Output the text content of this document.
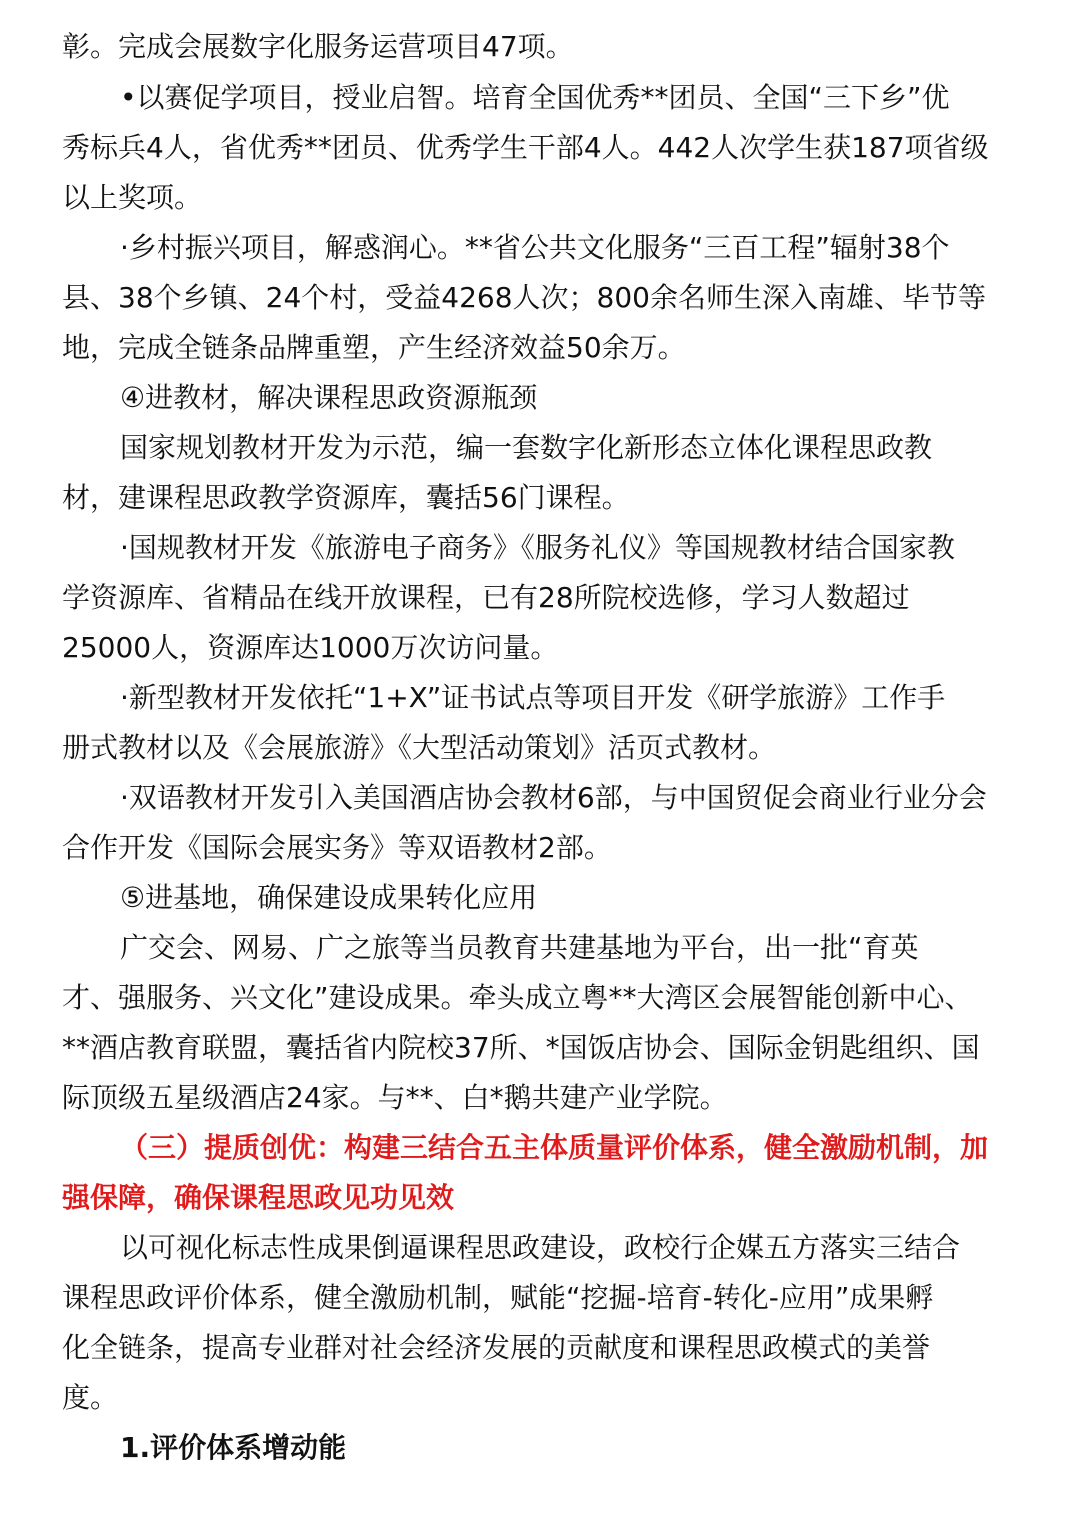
彰。完成会展数字化服务运营项目47项。
•以赛促学项目，授业启智。培育全国优秀**团员、全国“三下乡”优
秀标兵4人，省优秀**团员、优秀学生干部4人。442人次学生获187项省级
以上奖项。
·乡村振兴项目，解惑润心。**省公共文化服务“三百工程”辐射38个
县、38个乡镇、24个村，受益4268人次；800余名师生深入南雄、毕节等
地，完成全链条品牌重塑，产生经济效益50余万。
④进教材，解决课程思政资源瓶颈
国家规划教材开发为示范，编一套数字化新形态立体化课程思政教
材，建课程思政教学资源库，囊括56门课程。
·国规教材开发《旅游电子商务》《服务礼仪》等国规教材结合国家教
学资源库、省精品在线开放课程，已有28所院校选修，学习人数超过
25000人，资源库达1000万次访问量。
·新型教材开发依托“1+X”证书试点等项目开发《研学旅游》工作手
册式教材以及《会展旅游》《大型活动策划》活页式教材。
·双语教材开发引入美国酒店协会教材6部，与中国贸促会商业行业分会
合作开发《国际会展实务》等双语教材2部。
⑤进基地，确保建设成果转化应用
广交会、网易、广之旅等当员教育共建基地为平台，出一批“育英
才、强服务、兴文化”建设成果。牵头成立粤**大湾区会展智能创新中心、
**酒店教育联盟，囊括省内院校37所、*国饭店协会、国际金钥匙组织、国
际顶级五星级酒店24家。与**、白*鹅共建产业学院。
（三）提质创优：构建三结合五主体质量评价体系，健全激励机制，加
强保障，确保课程思政见功见效
以可视化标志性成果倒逼课程思政建设，政校行企媒五方落实三结合
课程思政评价体系，健全激励机制，赋能“挖掘-培育-转化-应用”成果孵
化全链条，提高专业群对社会经济发展的贡献度和课程思政模式的美誉
度。
1.评价体系增动能
